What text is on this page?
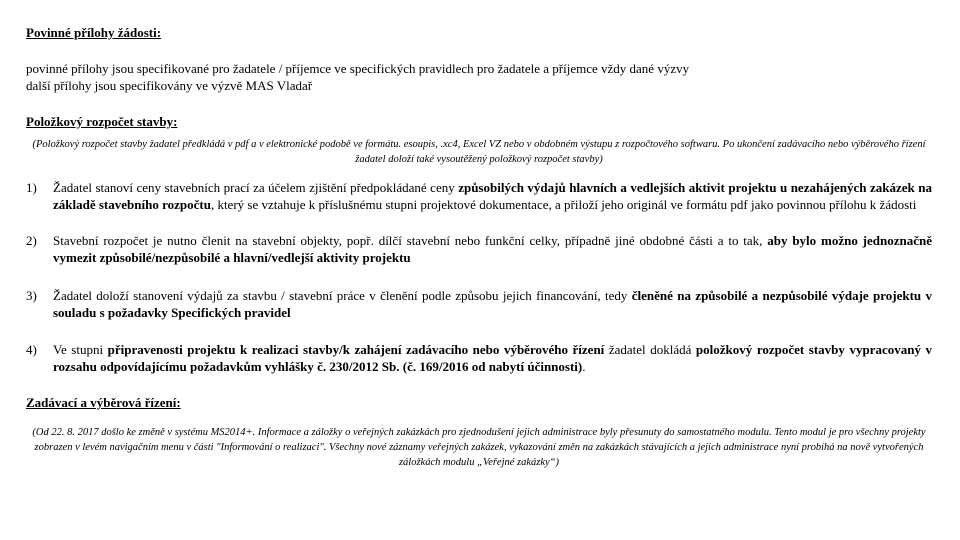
Povinné přílohy žádosti:

povinné přílohy jsou specifikované pro žadatele / příjemce ve specifických pravidlech pro žadatele a příjemce vždy dané výzvy

další přílohy jsou specifikovány ve výzvě MAS Vladař

Položkový rozpočet stavby:

(Položkový rozpočet stavby žadatel předkládá v pdf a v elektronické podobě ve formátu. esoupis, .xc4, Excel VZ nebo v obdobném výstupu z rozpočtového softwaru. Po ukončení zadávacího nebo výběrového řízení žadatel doloží také vysoutěžený položkový rozpočet stavby)

1) Žadatel stanoví ceny stavebních prací za účelem zjištění předpokládané ceny způsobilých výdajů hlavních a vedlejších aktivit projektu u nezahájených zakázek na základě stavebního rozpočtu, který se vztahuje k příslušnému stupni projektové dokumentace, a přiloží jeho originál ve formátu pdf jako povinnou přílohu k žádosti
2) Stavební rozpočet je nutno členit na stavební objekty, popř. dílčí stavební nebo funkční celky, případně jiné obdobné části a to tak, aby bylo možno jednoznačně vymezit způsobilé/nezpůsobilé a hlavní/vedlejší aktivity projektu
3) Žadatel doloží stanovení výdajů za stavbu / stavební práce v členění podle způsobu jejich financování, tedy členěné na způsobilé a nezpůsobilé výdaje projektu v souladu s požadavky Specifických pravidel
4) Ve stupni připravenosti projektu k realizaci stavby/k zahájení zadávacího nebo výběrového řízení žadatel dokládá položkový rozpočet stavby vypracovaný v rozsahu odpovídajícímu požadavkům vyhlášky č. 230/2012 Sb. (č. 169/2016 od nabytí účinnosti).

Zadávací a výběrová řízení:

(Od 22. 8. 2017 došlo ke změně v systému MS2014+. Informace a záložky o veřejných zakázkách pro zjednodušení jejich administrace byly přesunuty do samostatného modulu. Tento modul je pro všechny projekty zobrazen v levém navigačním menu v části "Informování o realizaci". Všechny nové záznamy veřejných zakázek, vykazování změn na zakázkách stávajících a jejich administrace nyní probíhá na nově vytvořených záložkách modulu „Veřejné zakázky“)
